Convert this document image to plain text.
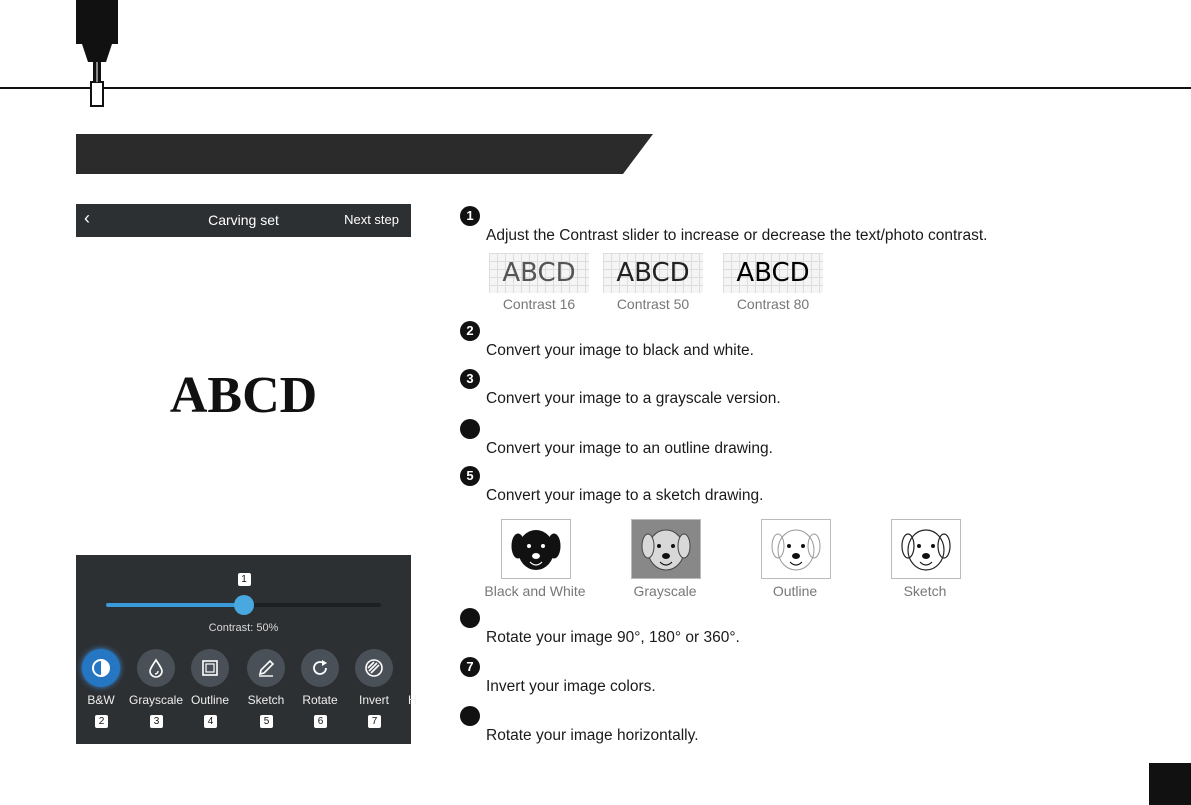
‹	Carving set	Next step
ABCD
1
Contrast: 50%
B&W
2
Grayscale
3
Outline
4
Sketch
5
Rotate
6
Invert
7
H
1
Adjust the Contrast slider to increase or decrease the text/photo contrast.
2
Convert your image to black and white.
3
Convert your image to a grayscale version.
Convert your image to an outline drawing.
5
Convert your image to a sketch drawing.
Rotate your image 90°, 180° or 360°.
7
Invert your image colors.
Rotate your image horizontally.
ABCD
Contrast 16
ABCD
Contrast 50
ABCD
Contrast 80
Black and White	Grayscale	Outline	Sketch
